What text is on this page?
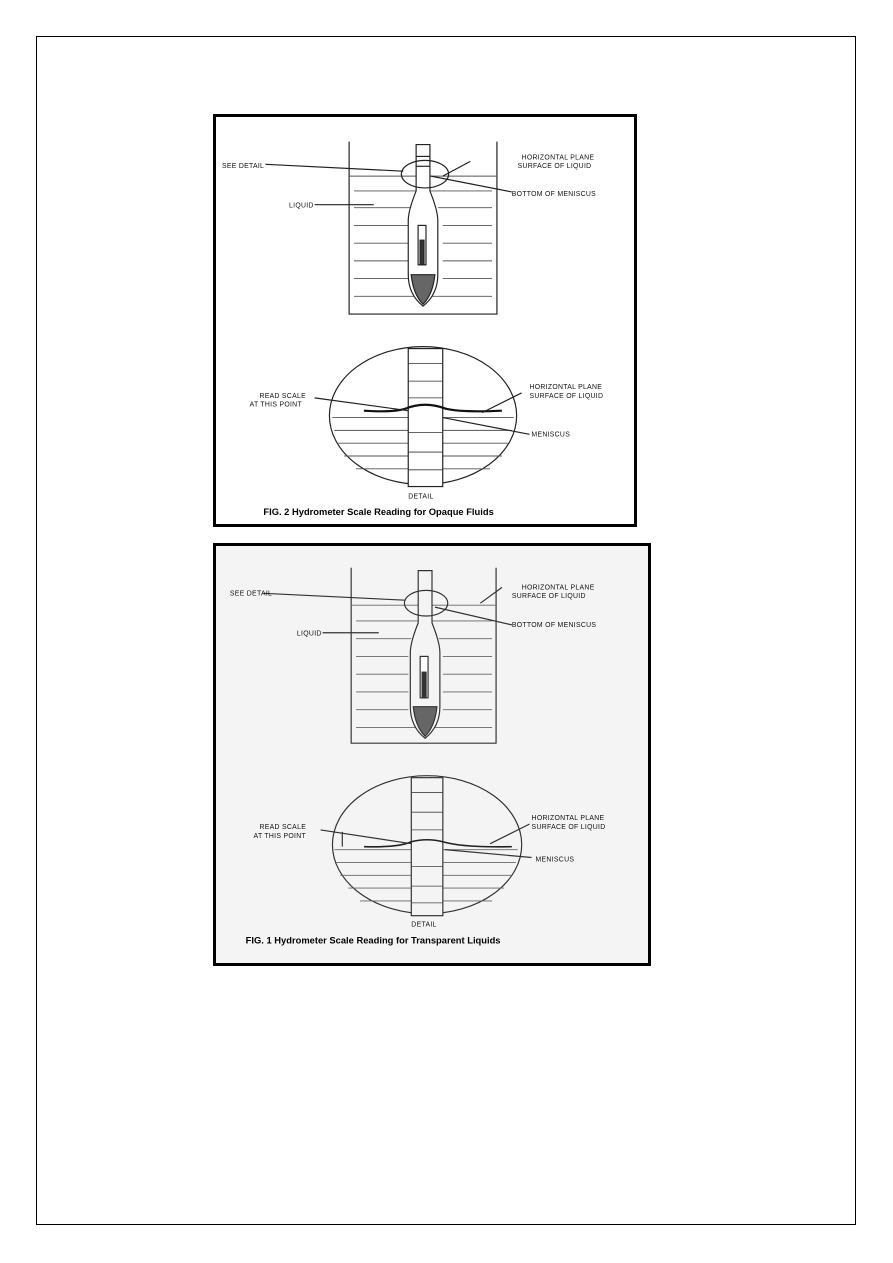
SEE DETAIL
HORIZONTAL PLANE
SURFACE OF LIQUID
BOTTOM OF MENISCUS
LIQUID
READ SCALE
AT THIS POINT
HORIZONTAL PLANE
SURFACE OF LIQUID
MENISCUS
DETAIL
FIG. 2 Hydrometer Scale Reading for Opaque Fluids
SEE DETAIL
HORIZONTAL PLANE
SURFACE OF LIQUID
BOTTOM OF MENISCUS
LIQUID
READ SCALE
AT THIS POINT
HORIZONTAL PLANE
SURFACE OF LIQUID
MENISCUS
DETAIL
FIG. 1 Hydrometer Scale Reading for Transparent Liquids
